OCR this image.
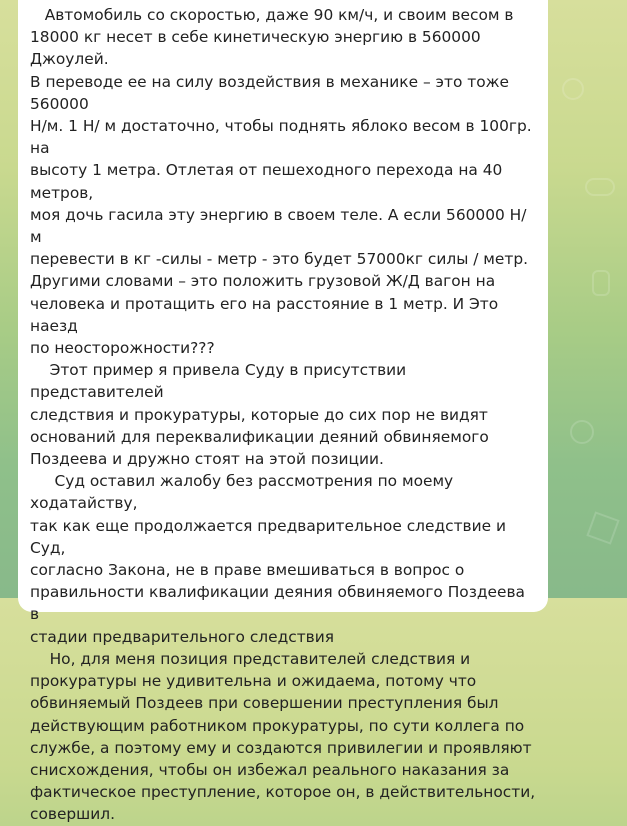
Автомобиль со скоростью, даже 90 км/ч, и своим весом в
18000 кг несет в себе кинетическую энергию в 560000 Джоулей.
В переводе ее на силу воздействия в механике – это тоже 560000
Н/м. 1 Н/ м достаточно, чтобы поднять яблоко весом в 100гр. на
высоту 1 метра. Отлетая от пешеходного перехода на 40 метров,
моя дочь гасила эту энергию в своем теле. А если 560000 Н/м
перевести в кг -силы - метр - это будет 57000кг силы / метр.
Другими словами – это положить грузовой Ж/Д вагон на
человека и протащить его на расстояние в 1 метр. И Это наезд
по неосторожности???
Этот пример я привела Суду в присутствии представителей
следствия и прокуратуры, которые до сих пор не видят
оснований для переквалификации деяний обвиняемого
Поздеева и дружно стоят на этой позиции.
Суд оставил жалобу без рассмотрения по моему ходатайству,
так как еще продолжается предварительное следствие и Суд,
согласно Закона, не в праве вмешиваться в вопрос о
правильности квалификации деяния обвиняемого Поздеева в
стадии предварительного следствия
Но, для меня позиция представителей следствия и
прокуратуры не удивительна и ожидаема, потому что
обвиняемый Поздеев при совершении преступления был
действующим работником прокуратуры, по сути коллега по
службе, а поэтому ему и создаются привилегии и проявляют
снисхождения, чтобы он избежал реального наказания за
фактическое преступление, которое он, в действительности,
совершил.
